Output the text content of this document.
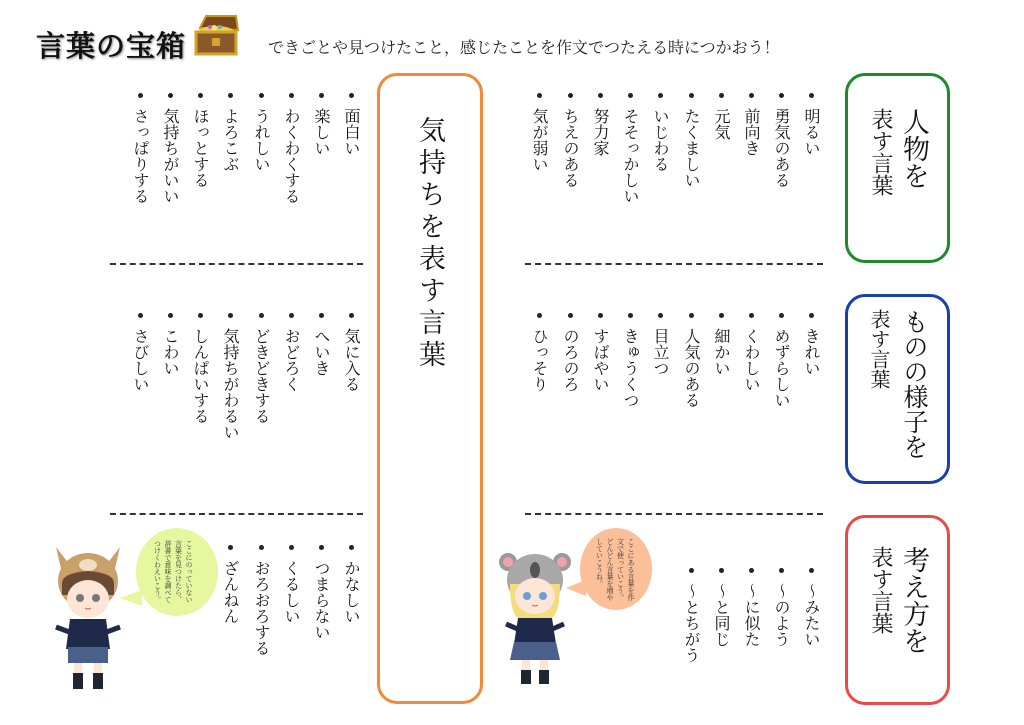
言葉の宝箱	できごとや見つけたこと，感じたことを作文でつたえる時につかおう！
人物を
表す言葉
ものの様子を
表す言葉
考え方を
表す言葉
明るい
勇気のある
前向き
元気
たくましい
いじわる
そそっかしい
努力家
ちえのある
気が弱い
きれい
めずらしい
くわしい
細かい
人気のある
目立つ
きゅうくつ
すばやい
のろのろ
ひっそり
～みたい
～のよう
～に似た
～と同じ
～とちがう
ここにある言葉を作
文で使っていこう。
どんどん言葉を増や
していこうね。
気持ちを表す言葉
面白い
楽しい
わくわくする
うれしい
よろこぶ
ほっとする
気持ちがいい
さっぱりする
気に入る
へいき
おどろく
どきどきする
気持ちがわるい
しんぱいする
こわい
さびしい
かなしい
つまらない
くるしい
おろおろする
ざんねん
ここにのっていない
言葉を見つけたら、
辞書で意味を調べて
つけくわえいこう。
